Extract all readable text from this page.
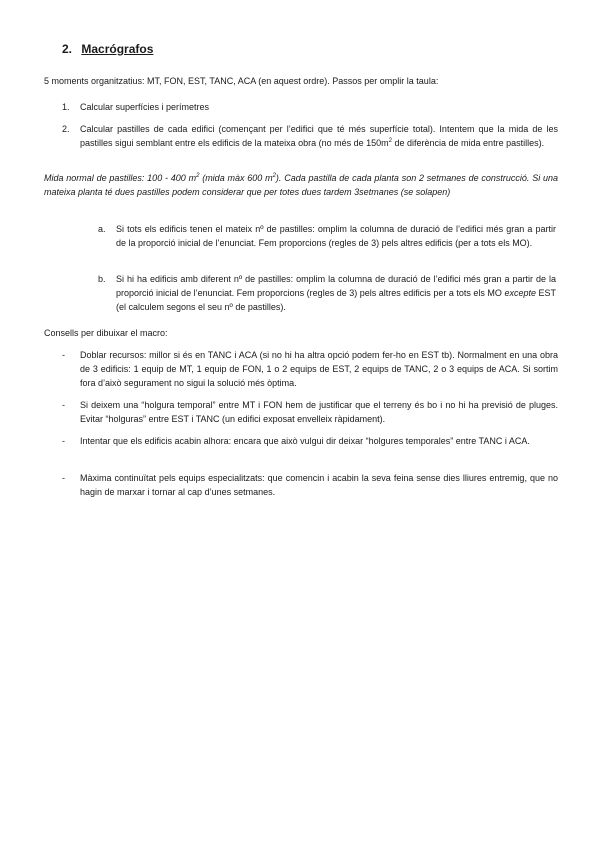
2. Macrógrafos

5 moments organitzatius: MT, FON, EST, TANC, ACA (en aquest ordre). Passos per omplir la taula:

1. Calcular superfícies i perímetres

2. Calcular pastilles de cada edifici (començant per l’edifici que té més superfície total). Intentem que la mida de les pastilles sigui semblant entre els edificis de la mateixa obra (no més de $150m^2$ de diferència de mida entre pastilles).

Mida normal de pastilles: 100 - 400 $m^2$ (mida màx 600 $m^2$). Cada pastilla de cada planta son 2 setmanes de construcció. Si una mateixa planta té dues pastilles podem considerar que per totes dues tardem 3setmanes (se solapen)

a. Si tots els edificis tenen el mateix nº de pastilles: omplim la columna de duració de l’edifici més gran a partir de la proporció inicial de l’enunciat. Fem proporcions (regles de 3) pels altres edificis (per a tots els MO).

b. Si hi ha edificis amb diferent nº de pastilles: omplim la columna de duració de l’edifici més gran a partir de la proporció inicial de l’enunciat. Fem proporcions (regles de 3) pels altres edificis per a tots els MO excepte EST (el calculem segons el seu nº de pastilles).

Consells per dibuixar el macro:

- Doblar recursos: millor si és en TANC i ACA (si no hi ha altra opció podem fer-ho en EST tb). Normalment en una obra de 3 edificis: 1 equip de MT, 1 equip de FON, 1 o 2 equips de EST, 2 equips de TANC, 2 o 3 equips de ACA. Si sortim fora d’això segurament no sigui la solució més òptima.

- Si deixem una “holgura temporal” entre MT i FON hem de justificar que el terreny és bo i no hi ha previsió de pluges. Evitar “holguras” entre EST i TANC (un edifici exposat envelleix ràpidament).

- Intentar que els edificis acabin alhora: encara que això vulgui dir deixar “holgures temporales” entre TANC i ACA.

- Màxima continuïtat pels equips especialitzats: que comencin i acabin la seva feina sense dies lliures entremig, que no hagin de marxar i tornar al cap d’unes setmanes.
